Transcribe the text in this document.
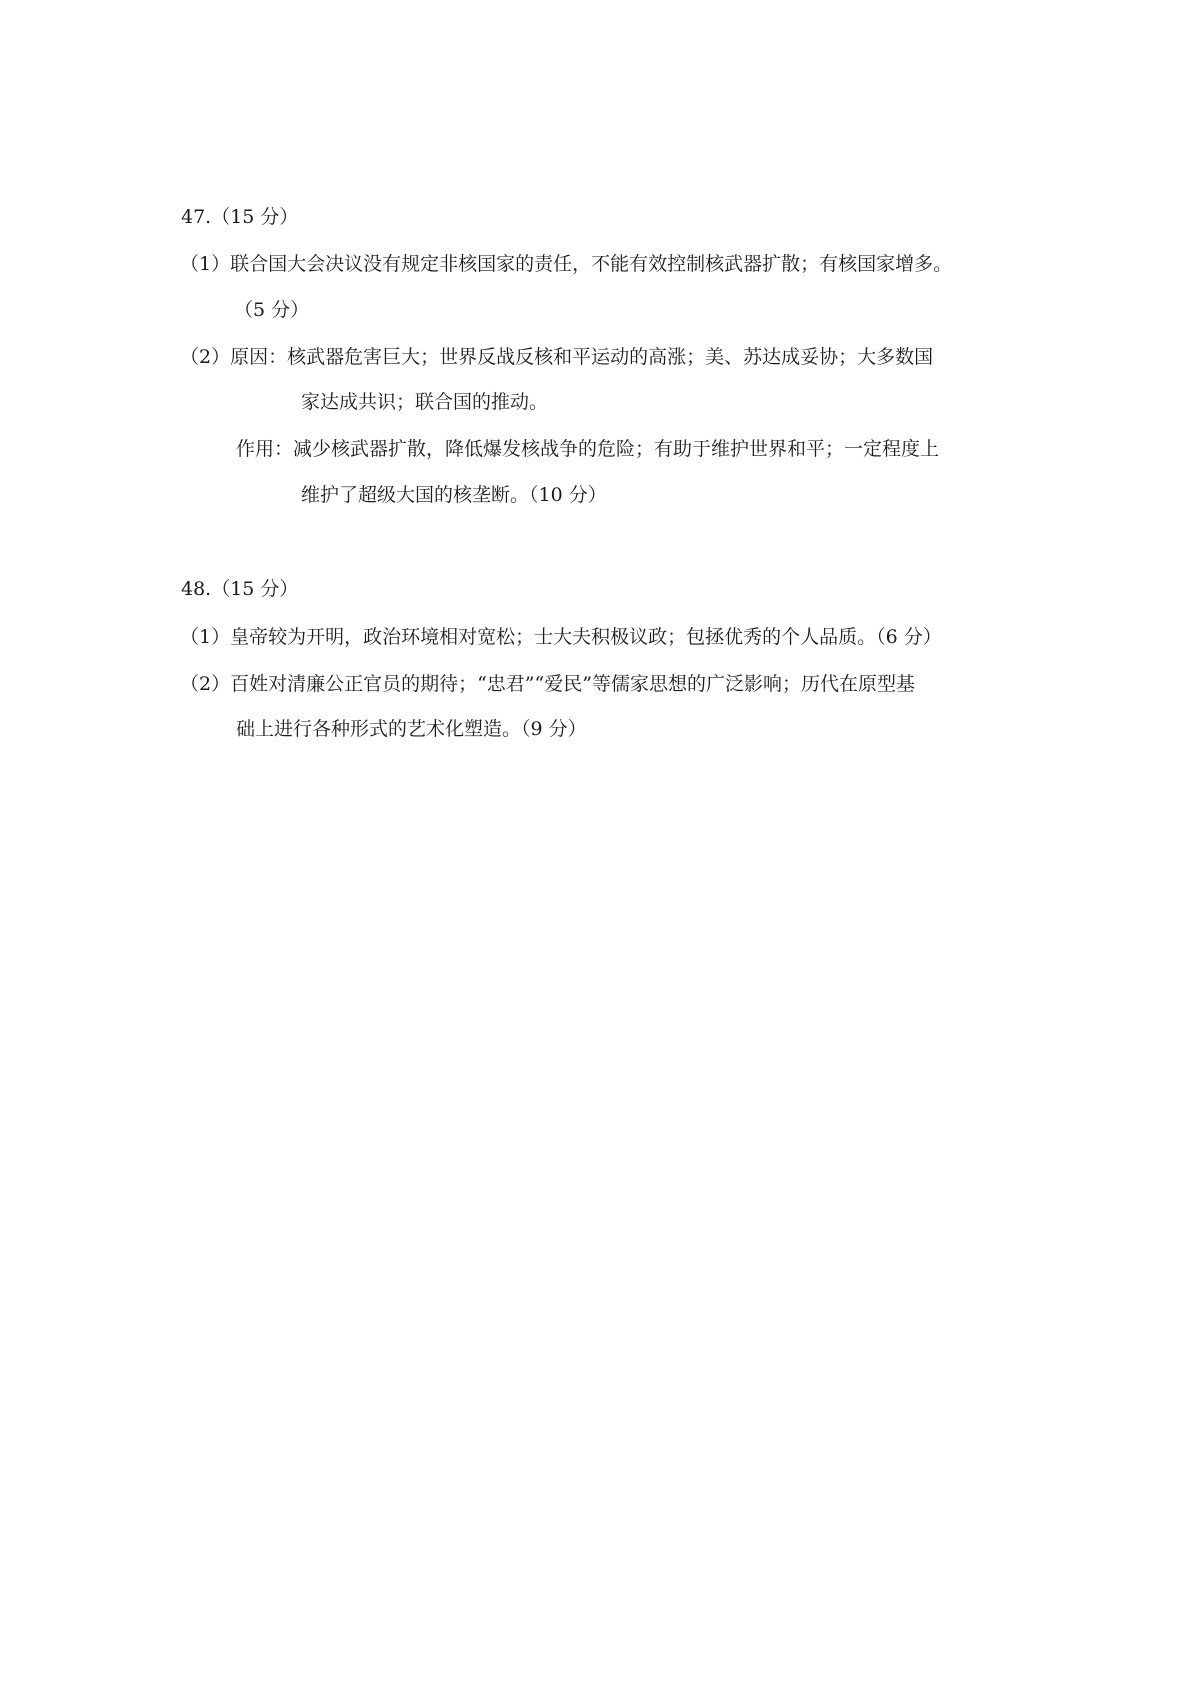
47.（15 分）
（1）联合国大会决议没有规定非核国家的责任，不能有效控制核武器扩散；有核国家增多。
（5 分）
（2）原因：核武器危害巨大；世界反战反核和平运动的高涨；美、苏达成妥协；大多数国
家达成共识；联合国的推动。
作用：减少核武器扩散，降低爆发核战争的危险；有助于维护世界和平；一定程度上
维护了超级大国的核垄断。（10 分）
48.（15 分）
（1）皇帝较为开明，政治环境相对宽松；士大夫积极议政；包拯优秀的个人品质。（6 分）
（2）百姓对清廉公正官员的期待；“忠君”“爱民”等儒家思想的广泛影响；历代在原型基
础上进行各种形式的艺术化塑造。（9 分）
